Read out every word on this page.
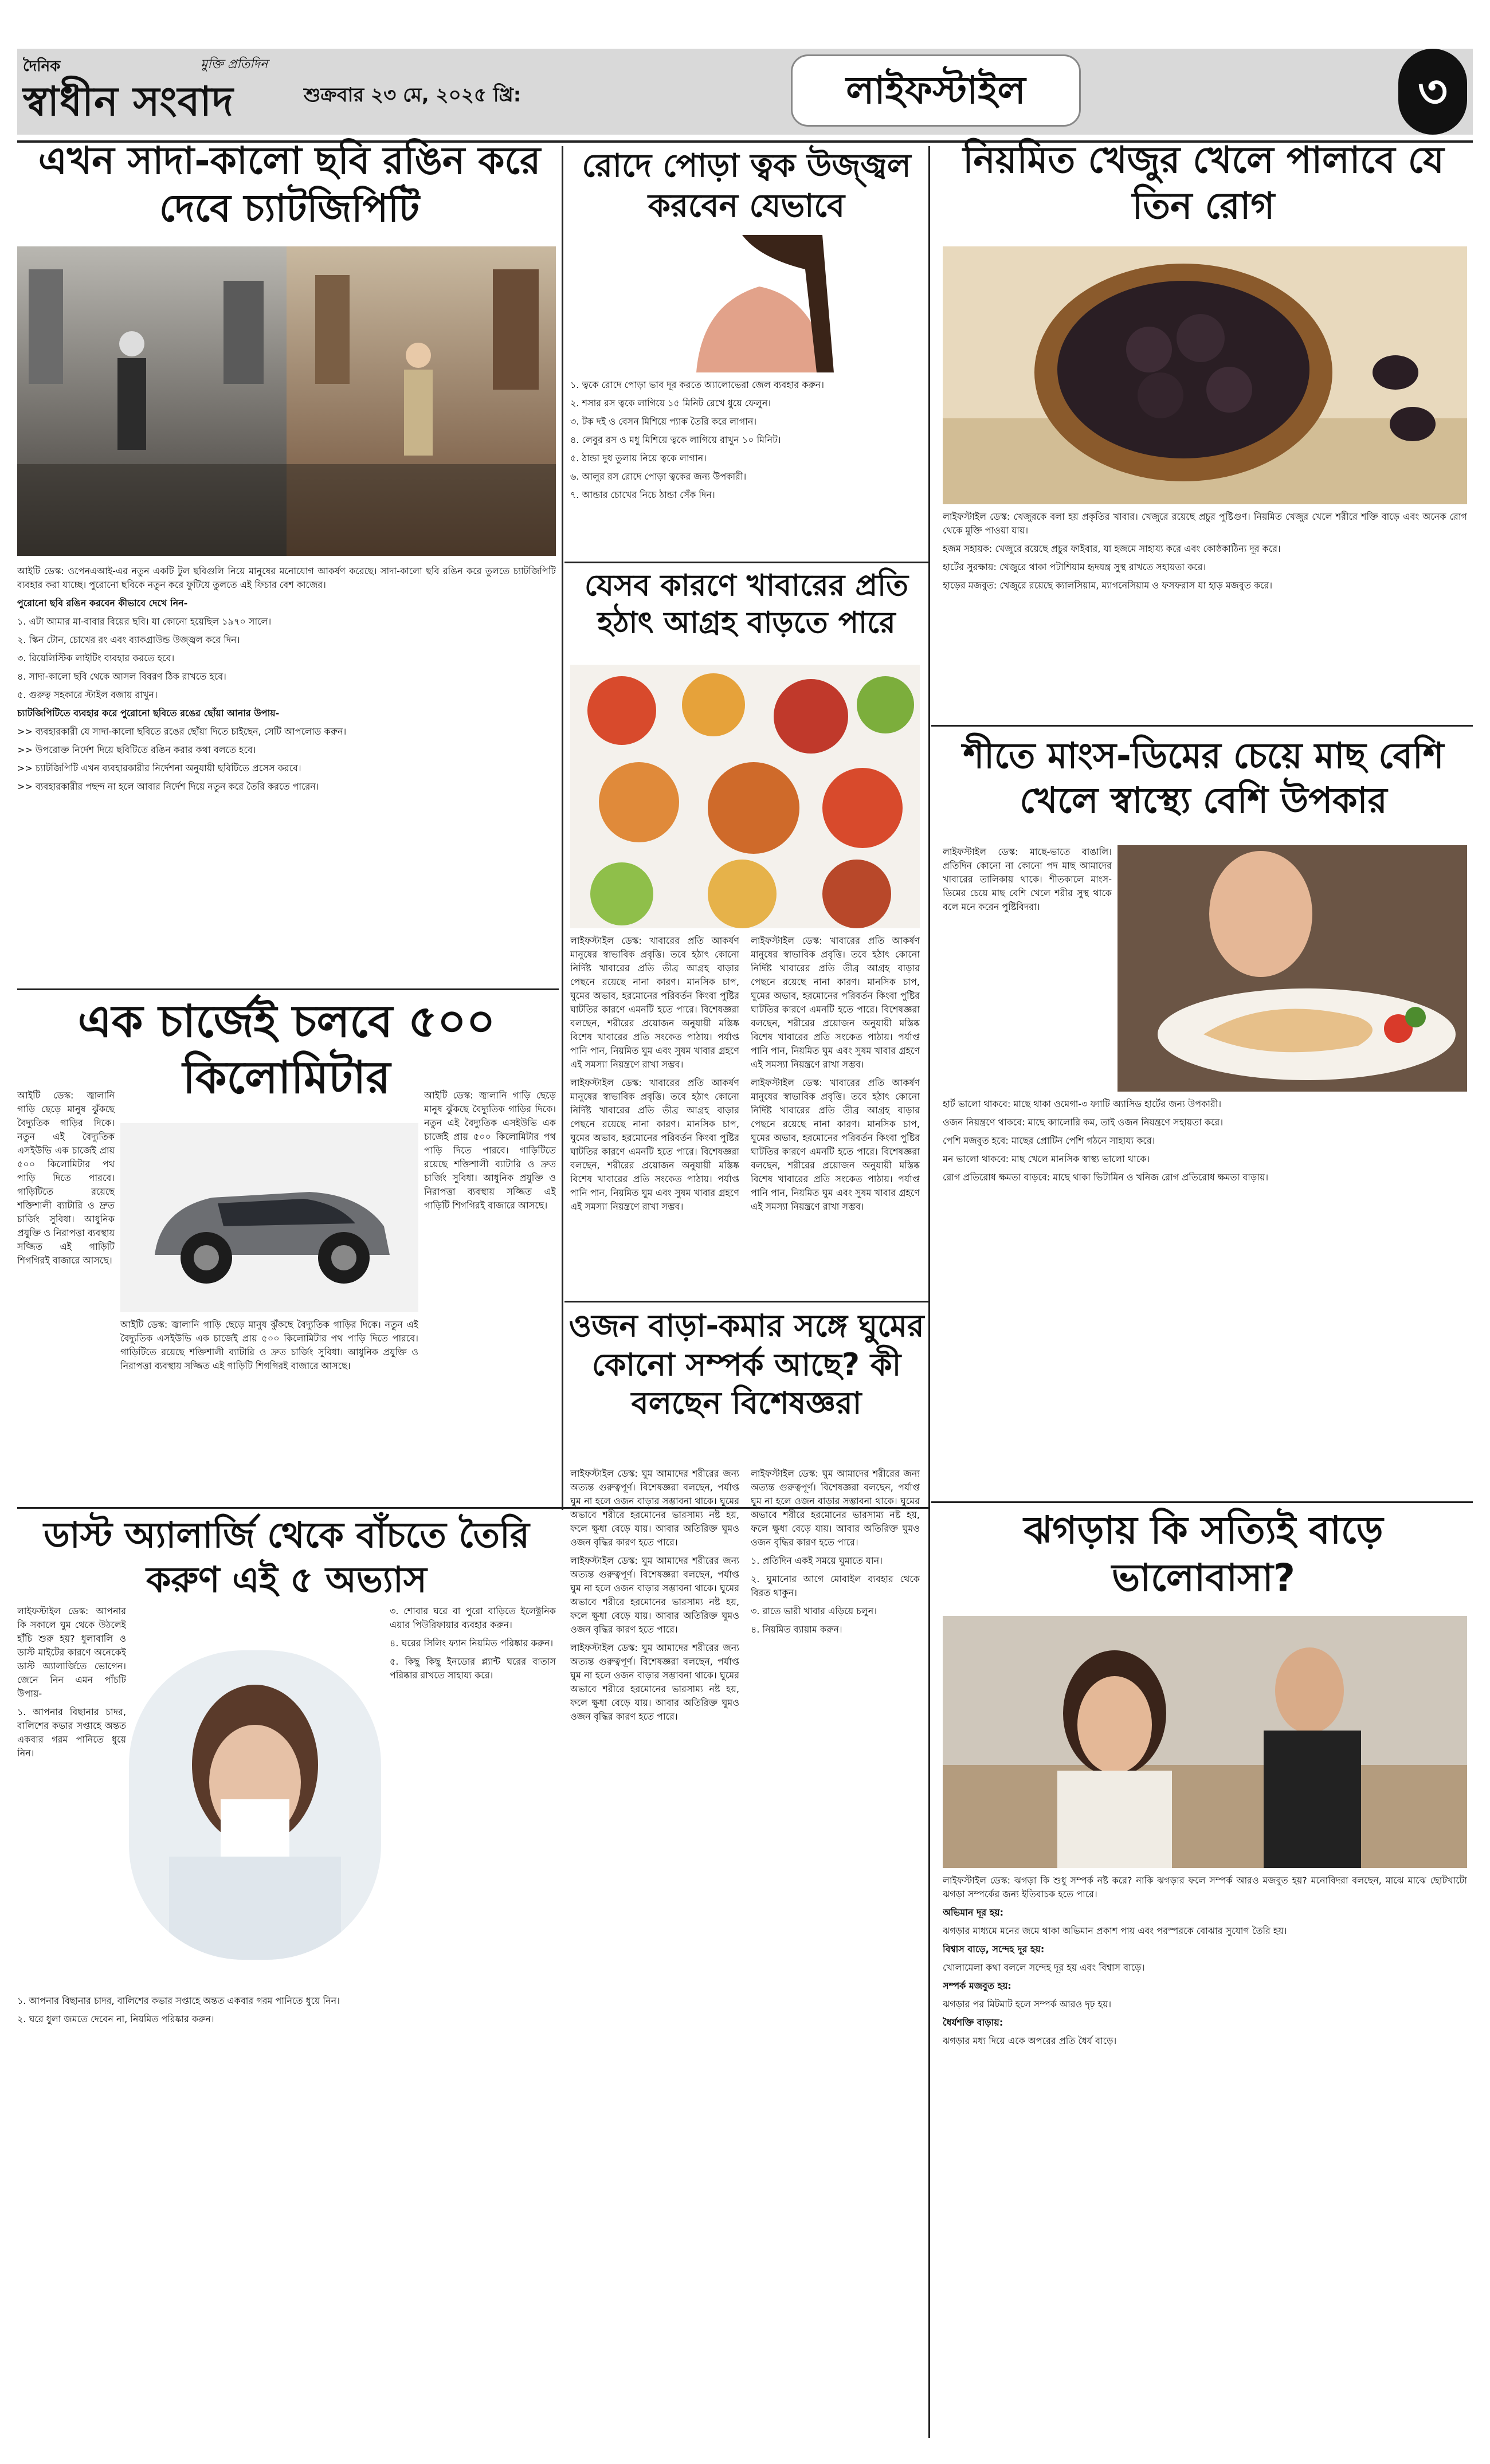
দৈনিক	মুক্তি প্রতিদিন
স্বাধীন সংবাদ	শুক্রবার ২৩ মে, ২০২৫ খ্রি:	লাইফস্টাইল	৩
এখন সাদা-কালো ছবি রঙিন করে দেবে চ্যাটজিপিটি

আইটি ডেস্ক: ওপেনএআই-এর নতুন একটি টুল ছবিগুলি নিয়ে মানুষের মনোযোগ আকর্ষণ করেছে। সাদা-কালো ছবি রঙিন করে তুলতে চ্যাটজিপিটি ব্যবহার করা যাচ্ছে। পুরোনো ছবিকে নতুন করে ফুটিয়ে তুলতে এই ফিচার বেশ কাজের।

পুরোনো ছবি রঙিন করবেন কীভাবে দেখে নিন-

১. এটা আমার মা-বাবার বিয়ের ছবি। যা কোনো হয়েছিল ১৯৭০ সালে।

২. স্কিন টোন, চোখের রং এবং ব্যাকগ্রাউন্ড উজ্জ্বল করে দিন।

৩. রিয়েলিস্টিক লাইটিং ব্যবহার করতে হবে।

৪. সাদা-কালো ছবি থেকে আসল বিবরণ ঠিক রাখতে হবে।

৫. গুরুত্ব সহকারে স্টাইল বজায় রাখুন।

চ্যাটজিপিটিতে ব্যবহার করে পুরোনো ছবিতে রঙের ছোঁয়া আনার উপায়-

>> ব্যবহারকারী যে সাদা-কালো ছবিতে রঙের ছোঁয়া দিতে চাইছেন, সেটি আপলোড করুন।

>> উপরোক্ত নির্দেশ দিয়ে ছবিটিতে রঙিন করার কথা বলতে হবে।

>> চ্যাটজিপিটি এখন ব্যবহারকারীর নির্দেশনা অনুযায়ী ছবিটিতে প্রসেস করবে।

>> ব্যবহারকারীর পছন্দ না হলে আবার নির্দেশ দিয়ে নতুন করে তৈরি করতে পারেন।

এক চার্জেই চলবে ৫০০ কিলোমিটার

আইটি ডেস্ক: জ্বালানি গাড়ি ছেড়ে মানুষ ঝুঁকছে বৈদ্যুতিক গাড়ির দিকে। নতুন এই বৈদ্যুতিক এসইউভি এক চার্জেই প্রায় ৫০০ কিলোমিটার পথ পাড়ি দিতে পারবে। গাড়িটিতে রয়েছে শক্তিশালী ব্যাটারি ও দ্রুত চার্জিং সুবিধা। আধুনিক প্রযুক্তি ও নিরাপত্তা ব্যবস্থায় সজ্জিত এই গাড়িটি শিগগিরই বাজারে আসছে।

আইটি ডেস্ক: জ্বালানি গাড়ি ছেড়ে মানুষ ঝুঁকছে বৈদ্যুতিক গাড়ির দিকে। নতুন এই বৈদ্যুতিক এসইউভি এক চার্জেই প্রায় ৫০০ কিলোমিটার পথ পাড়ি দিতে পারবে। গাড়িটিতে রয়েছে শক্তিশালী ব্যাটারি ও দ্রুত চার্জিং সুবিধা। আধুনিক প্রযুক্তি ও নিরাপত্তা ব্যবস্থায় সজ্জিত এই গাড়িটি শিগগিরই বাজারে আসছে।

আইটি ডেস্ক: জ্বালানি গাড়ি ছেড়ে মানুষ ঝুঁকছে বৈদ্যুতিক গাড়ির দিকে। নতুন এই বৈদ্যুতিক এসইউভি এক চার্জেই প্রায় ৫০০ কিলোমিটার পথ পাড়ি দিতে পারবে। গাড়িটিতে রয়েছে শক্তিশালী ব্যাটারি ও দ্রুত চার্জিং সুবিধা। আধুনিক প্রযুক্তি ও নিরাপত্তা ব্যবস্থায় সজ্জিত এই গাড়িটি শিগগিরই বাজারে আসছে।

ডাস্ট অ্যালার্জি থেকে বাঁচতে তৈরি করুণ এই ৫ অভ্যাস

লাইফস্টাইল ডেস্ক: আপনার কি সকালে ঘুম থেকে উঠলেই হাঁচি শুরু হয়? ধুলাবালি ও ডাস্ট মাইটের কারণে অনেকেই ডাস্ট অ্যালার্জিতে ভোগেন। জেনে নিন এমন পাঁচটি উপায়-

১. আপনার বিছানার চাদর, বালিশের কভার সপ্তাহে অন্তত একবার গরম পানিতে ধুয়ে নিন।

১. আপনার বিছানার চাদর, বালিশের কভার সপ্তাহে অন্তত একবার গরম পানিতে ধুয়ে নিন।

২. ঘরে ধুলা জমতে দেবেন না, নিয়মিত পরিষ্কার করুন।

৩. শোবার ঘরে বা পুরো বাড়িতে ইলেক্ট্রনিক এয়ার পিউরিফায়ার ব্যবহার করুন।

৪. ঘরের সিলিং ফ্যান নিয়মিত পরিষ্কার করুন।

৫. কিছু কিছু ইনডোর প্ল্যান্ট ঘরের বাতাস পরিষ্কার রাখতে সাহায্য করে।

রোদে পোড়া ত্বক উজ্জ্বল করবেন যেভাবে

১. ত্বকে রোদে পোড়া ভাব দূর করতে অ্যালোভেরা জেল ব্যবহার করুন।

২. শসার রস ত্বকে লাগিয়ে ১৫ মিনিট রেখে ধুয়ে ফেলুন।

৩. টক দই ও বেসন মিশিয়ে প্যাক তৈরি করে লাগান।

৪. লেবুর রস ও মধু মিশিয়ে ত্বকে লাগিয়ে রাখুন ১০ মিনিট।

৫. ঠান্ডা দুধ তুলায় নিয়ে ত্বকে লাগান।

৬. আলুর রস রোদে পোড়া ত্বকের জন্য উপকারী।

৭. আন্ডার চোখের নিচে ঠান্ডা সেঁক দিন।

যেসব কারণে খাবারের প্রতি হঠাৎ আগ্রহ বাড়তে পারে

লাইফস্টাইল ডেস্ক: খাবারের প্রতি আকর্ষণ মানুষের স্বাভাবিক প্রবৃত্তি। তবে হঠাৎ কোনো নির্দিষ্ট খাবারের প্রতি তীব্র আগ্রহ বাড়ার পেছনে রয়েছে নানা কারণ। মানসিক চাপ, ঘুমের অভাব, হরমোনের পরিবর্তন কিংবা পুষ্টির ঘাটতির কারণে এমনটি হতে পারে। বিশেষজ্ঞরা বলছেন, শরীরের প্রয়োজন অনুযায়ী মস্তিষ্ক বিশেষ খাবারের প্রতি সংকেত পাঠায়। পর্যাপ্ত পানি পান, নিয়মিত ঘুম এবং সুষম খাবার গ্রহণে এই সমস্যা নিয়ন্ত্রণে রাখা সম্ভব।

লাইফস্টাইল ডেস্ক: খাবারের প্রতি আকর্ষণ মানুষের স্বাভাবিক প্রবৃত্তি। তবে হঠাৎ কোনো নির্দিষ্ট খাবারের প্রতি তীব্র আগ্রহ বাড়ার পেছনে রয়েছে নানা কারণ। মানসিক চাপ, ঘুমের অভাব, হরমোনের পরিবর্তন কিংবা পুষ্টির ঘাটতির কারণে এমনটি হতে পারে। বিশেষজ্ঞরা বলছেন, শরীরের প্রয়োজন অনুযায়ী মস্তিষ্ক বিশেষ খাবারের প্রতি সংকেত পাঠায়। পর্যাপ্ত পানি পান, নিয়মিত ঘুম এবং সুষম খাবার গ্রহণে এই সমস্যা নিয়ন্ত্রণে রাখা সম্ভব।

লাইফস্টাইল ডেস্ক: খাবারের প্রতি আকর্ষণ মানুষের স্বাভাবিক প্রবৃত্তি। তবে হঠাৎ কোনো নির্দিষ্ট খাবারের প্রতি তীব্র আগ্রহ বাড়ার পেছনে রয়েছে নানা কারণ। মানসিক চাপ, ঘুমের অভাব, হরমোনের পরিবর্তন কিংবা পুষ্টির ঘাটতির কারণে এমনটি হতে পারে। বিশেষজ্ঞরা বলছেন, শরীরের প্রয়োজন অনুযায়ী মস্তিষ্ক বিশেষ খাবারের প্রতি সংকেত পাঠায়। পর্যাপ্ত পানি পান, নিয়মিত ঘুম এবং সুষম খাবার গ্রহণে এই সমস্যা নিয়ন্ত্রণে রাখা সম্ভব।

লাইফস্টাইল ডেস্ক: খাবারের প্রতি আকর্ষণ মানুষের স্বাভাবিক প্রবৃত্তি। তবে হঠাৎ কোনো নির্দিষ্ট খাবারের প্রতি তীব্র আগ্রহ বাড়ার পেছনে রয়েছে নানা কারণ। মানসিক চাপ, ঘুমের অভাব, হরমোনের পরিবর্তন কিংবা পুষ্টির ঘাটতির কারণে এমনটি হতে পারে। বিশেষজ্ঞরা বলছেন, শরীরের প্রয়োজন অনুযায়ী মস্তিষ্ক বিশেষ খাবারের প্রতি সংকেত পাঠায়। পর্যাপ্ত পানি পান, নিয়মিত ঘুম এবং সুষম খাবার গ্রহণে এই সমস্যা নিয়ন্ত্রণে রাখা সম্ভব।

ওজন বাড়া-কমার সঙ্গে ঘুমের কোনো সম্পর্ক আছে? কী বলছেন বিশেষজ্ঞরা

লাইফস্টাইল ডেস্ক: ঘুম আমাদের শরীরের জন্য অত্যন্ত গুরুত্বপূর্ণ। বিশেষজ্ঞরা বলছেন, পর্যাপ্ত ঘুম না হলে ওজন বাড়ার সম্ভাবনা থাকে। ঘুমের অভাবে শরীরে হরমোনের ভারসাম্য নষ্ট হয়, ফলে ক্ষুধা বেড়ে যায়। আবার অতিরিক্ত ঘুমও ওজন বৃদ্ধির কারণ হতে পারে।

লাইফস্টাইল ডেস্ক: ঘুম আমাদের শরীরের জন্য অত্যন্ত গুরুত্বপূর্ণ। বিশেষজ্ঞরা বলছেন, পর্যাপ্ত ঘুম না হলে ওজন বাড়ার সম্ভাবনা থাকে। ঘুমের অভাবে শরীরে হরমোনের ভারসাম্য নষ্ট হয়, ফলে ক্ষুধা বেড়ে যায়। আবার অতিরিক্ত ঘুমও ওজন বৃদ্ধির কারণ হতে পারে।

লাইফস্টাইল ডেস্ক: ঘুম আমাদের শরীরের জন্য অত্যন্ত গুরুত্বপূর্ণ। বিশেষজ্ঞরা বলছেন, পর্যাপ্ত ঘুম না হলে ওজন বাড়ার সম্ভাবনা থাকে। ঘুমের অভাবে শরীরে হরমোনের ভারসাম্য নষ্ট হয়, ফলে ক্ষুধা বেড়ে যায়। আবার অতিরিক্ত ঘুমও ওজন বৃদ্ধির কারণ হতে পারে।

লাইফস্টাইল ডেস্ক: ঘুম আমাদের শরীরের জন্য অত্যন্ত গুরুত্বপূর্ণ। বিশেষজ্ঞরা বলছেন, পর্যাপ্ত ঘুম না হলে ওজন বাড়ার সম্ভাবনা থাকে। ঘুমের অভাবে শরীরে হরমোনের ভারসাম্য নষ্ট হয়, ফলে ক্ষুধা বেড়ে যায়। আবার অতিরিক্ত ঘুমও ওজন বৃদ্ধির কারণ হতে পারে।

১. প্রতিদিন একই সময়ে ঘুমাতে যান।

২. ঘুমানোর আগে মোবাইল ব্যবহার থেকে বিরত থাকুন।

৩. রাতে ভারী খাবার এড়িয়ে চলুন।

৪. নিয়মিত ব্যায়াম করুন।

নিয়মিত খেজুর খেলে পালাবে যে তিন রোগ

লাইফস্টাইল ডেস্ক: খেজুরকে বলা হয় প্রকৃতির খাবার। খেজুরে রয়েছে প্রচুর পুষ্টিগুণ। নিয়মিত খেজুর খেলে শরীরে শক্তি বাড়ে এবং অনেক রোগ থেকে মুক্তি পাওয়া যায়।

হজম সহায়ক: খেজুরে রয়েছে প্রচুর ফাইবার, যা হজমে সাহায্য করে এবং কোষ্ঠকাঠিন্য দূর করে।

হার্টের সুরক্ষায়: খেজুরে থাকা পটাশিয়াম হৃদযন্ত্র সুস্থ রাখতে সহায়তা করে।

হাড়ের মজবুত: খেজুরে রয়েছে ক্যালসিয়াম, ম্যাগনেসিয়াম ও ফসফরাস যা হাড় মজবুত করে।

শীতে মাংস-ডিমের চেয়ে মাছ বেশি খেলে স্বাস্থ্যে বেশি উপকার

লাইফস্টাইল ডেস্ক: মাছে-ভাতে বাঙালি। প্রতিদিন কোনো না কোনো পদ মাছ আমাদের খাবারের তালিকায় থাকে। শীতকালে মাংস-ডিমের চেয়ে মাছ বেশি খেলে শরীর সুস্থ থাকে বলে মনে করেন পুষ্টিবিদরা।

হার্ট ভালো থাকবে: মাছে থাকা ওমেগা-৩ ফ্যাটি অ্যাসিড হার্টের জন্য উপকারী।

ওজন নিয়ন্ত্রণে থাকবে: মাছে ক্যালোরি কম, তাই ওজন নিয়ন্ত্রণে সহায়তা করে।

পেশি মজবুত হবে: মাছের প্রোটিন পেশি গঠনে সাহায্য করে।

মন ভালো থাকবে: মাছ খেলে মানসিক স্বাস্থ্য ভালো থাকে।

রোগ প্রতিরোধ ক্ষমতা বাড়বে: মাছে থাকা ভিটামিন ও খনিজ রোগ প্রতিরোধ ক্ষমতা বাড়ায়।

ঝগড়ায় কি সত্যিই বাড়ে ভালোবাসা?

লাইফস্টাইল ডেস্ক: ঝগড়া কি শুধু সম্পর্ক নষ্ট করে? নাকি ঝগড়ার ফলে সম্পর্ক আরও মজবুত হয়? মনোবিদরা বলছেন, মাঝে মাঝে ছোটখাটো ঝগড়া সম্পর্কের জন্য ইতিবাচক হতে পারে।

অভিমান দূর হয়:

ঝগড়ার মাধ্যমে মনের জমে থাকা অভিমান প্রকাশ পায় এবং পরস্পরকে বোঝার সুযোগ তৈরি হয়।

বিশ্বাস বাড়ে, সন্দেহ দূর হয়:

খোলামেলা কথা বললে সন্দেহ দূর হয় এবং বিশ্বাস বাড়ে।

সম্পর্ক মজবুত হয়:

ঝগড়ার পর মিটমাট হলে সম্পর্ক আরও দৃঢ় হয়।

ধৈর্যশক্তি বাড়ায়:

ঝগড়ার মধ্য দিয়ে একে অপরের প্রতি ধৈর্য বাড়ে।
